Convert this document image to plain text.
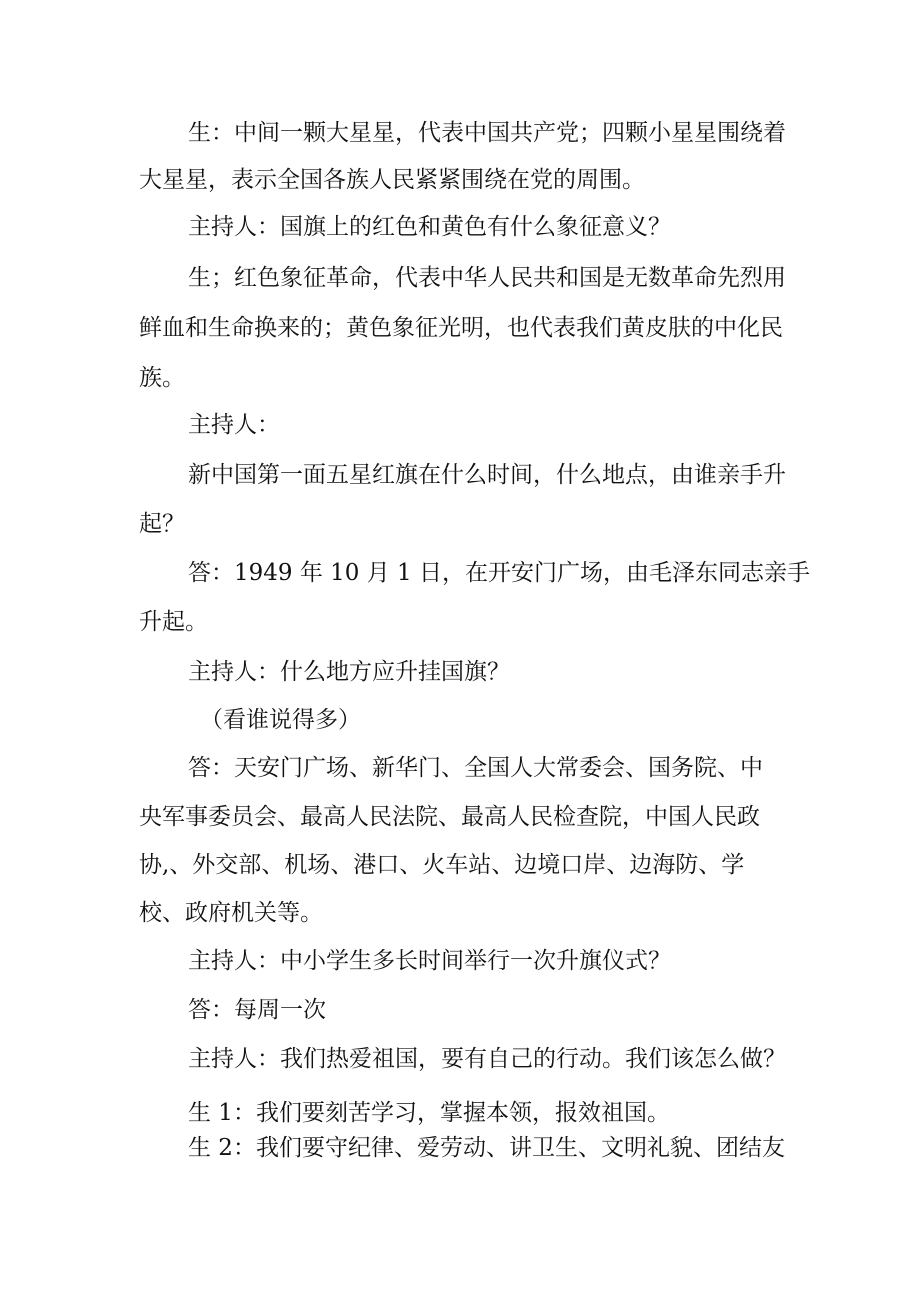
生：中间一颗大星星，代表中国共产党；四颗小星星围绕着
大星星，表示全国各族人民紧紧围绕在党的周围。
主持人：国旗上的红色和黄色有什么象征意义？
生；红色象征革命，代表中华人民共和国是无数革命先烈用
鲜血和生命换来的；黄色象征光明，也代表我们黄皮肤的中化民
族。
主持人：
新中国第一面五星红旗在什么时间，什么地点，由谁亲手升
起？
答：1949 年 10 月 1 日，在开安门广场，由毛泽东同志亲手
升起。
主持人：什么地方应升挂国旗？
（看谁说得多）
答：天安门广场、新华门、全国人大常委会、国务院、中
央军事委员会、最高人民法院、最高人民检查院，中国人民政
协,、外交部、机场、港口、火车站、边境口岸、边海防、学
校、政府机关等。
主持人：中小学生多长时间举行一次升旗仪式？
答：每周一次
主持人：我们热爱祖国，要有自己的行动。我们该怎么做？
生 1：我们要刻苦学习，掌握本领，报效祖国。
生 2：我们要守纪律、爱劳动、讲卫生、文明礼貌、团结友
